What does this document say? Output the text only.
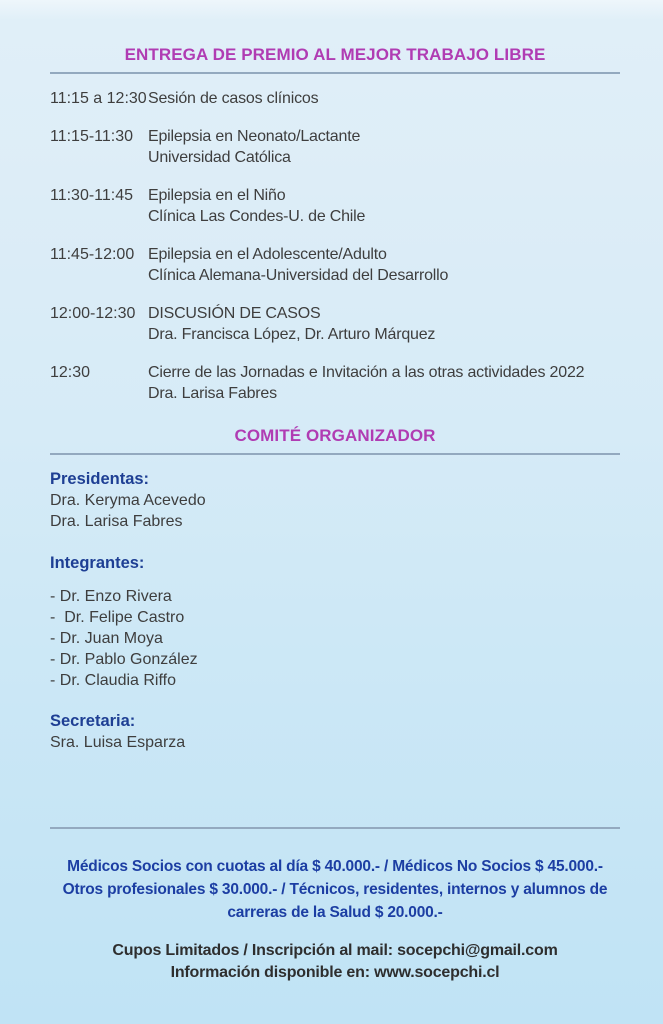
ENTREGA DE PREMIO AL MEJOR TRABAJO LIBRE
11:15 a 12:30 Sesión de casos clínicos
11:15-11:30 Epilepsia en Neonato/Lactante
Universidad Católica
11:30-11:45 Epilepsia en el Niño
Clínica Las Condes-U. de Chile
11:45-12:00 Epilepsia en el Adolescente/Adulto
Clínica Alemana-Universidad del Desarrollo
12:00-12:30 DISCUSIÓN DE CASOS
Dra. Francisca López, Dr. Arturo Márquez
12:30	Cierre de las Jornadas e Invitación a las otras actividades 2022
Dra. Larisa Fabres
COMITÉ ORGANIZADOR
Presidentas:
Dra. Keryma Acevedo
Dra. Larisa Fabres
Integrantes:
- Dr. Enzo Rivera
-  Dr. Felipe Castro
- Dr. Juan Moya
- Dr. Pablo González
- Dr. Claudia Riffo
Secretaria:
Sra. Luisa Esparza
Médicos Socios con cuotas al día $ 40.000.- / Médicos No Socios $ 45.000.-
Otros profesionales $ 30.000.- / Técnicos, residentes, internos y alumnos de
carreras de la Salud $ 20.000.-
Cupos Limitados / Inscripción al mail: socepchi@gmail.com
Información disponible en: www.socepchi.cl
